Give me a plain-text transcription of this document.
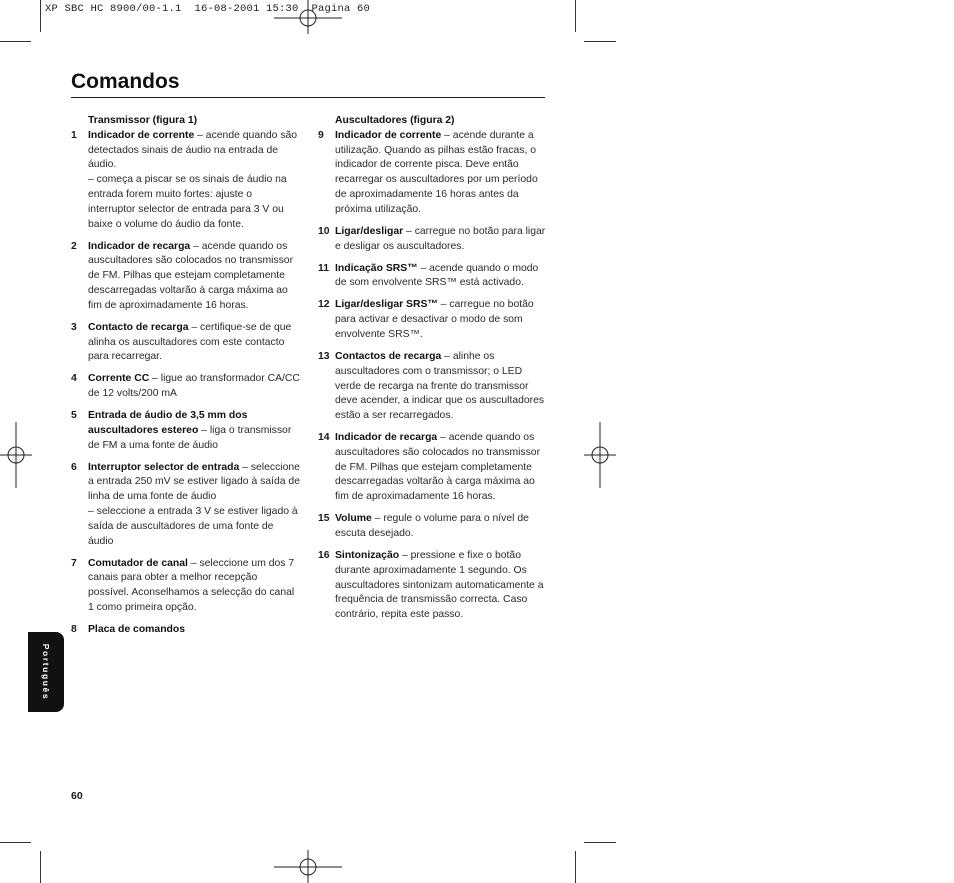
XP SBC HC 8900/00-1.1  16-08-2001 15:30  Pagina 60
Comandos

Transmissor (figura 1)

1 Indicador de corrente – acende quando são detectados sinais de áudio na entrada de áudio.
– começa a piscar se os sinais de áudio na entrada forem muito fortes: ajuste o interruptor selector de entrada para 3 V ou baixe o volume do áudio da fonte.
2 Indicador de recarga – acende quando os auscultadores são colocados no transmissor de FM. Pilhas que estejam completamente descarregadas voltarão à carga máxima ao fim de aproximadamente 16 horas.
3 Contacto de recarga – certifique-se de que alinha os auscultadores com este contacto para recarregar.
4 Corrente CC – ligue ao transformador CA/CC de 12 volts/200 mA
5 Entrada de áudio de 3,5 mm dos auscultadores estereo – liga o transmissor de FM a uma fonte de áudio
6 Interruptor selector de entrada – seleccione a entrada 250 mV se estiver ligado à saída de linha de uma fonte de áudio
– seleccione a entrada 3 V se estiver ligado à saída de auscultadores de uma fonte de áudio
7 Comutador de canal – seleccione um dos 7 canais para obter a melhor recepção possível. Aconselhamos a selecção do canal 1 como primeira opção.
8 Placa de comandos

Auscultadores (figura 2)

9 Indicador de corrente – acende durante a utilização. Quando as pilhas estão fracas, o indicador de corrente pisca. Deve então recarregar os auscultadores por um período de aproximadamente 16 horas antes da próxima utilização.
10 Ligar/desligar – carregue no botão para ligar e desligar os auscultadores.
11 Indicação SRS™ – acende quando o modo de som envolvente SRS™ está activado.
12 Ligar/desligar SRS™ – carregue no botão para activar e desactivar o modo de som envolvente SRS™.
13 Contactos de recarga – alinhe os auscultadores com o transmissor; o LED verde de recarga na frente do transmissor deve acender, a indicar que os auscultadores estão a ser recarregados.
14 Indicador de recarga – acende quando os auscultadores são colocados no transmissor de FM. Pilhas que estejam completamente descarregadas voltarão à carga máxima ao fim de aproximadamente 16 horas.
15 Volume – regule o volume para o nível de escuta desejado.
16 Sintonização – pressione e fixe o botão durante aproximadamente 1 segundo. Os auscultadores sintonizam automaticamente a frequência de transmissão correcta. Caso contrário, repita este passo.
Português
60
